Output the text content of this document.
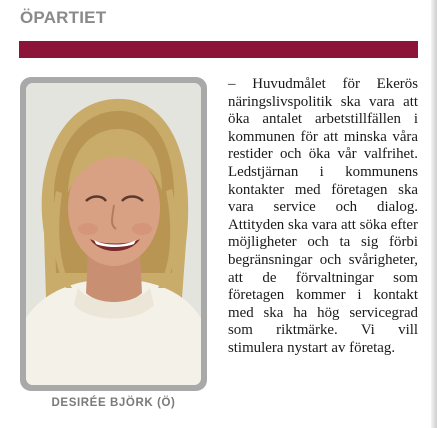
ÖPARTIET
DESIRÉE BJÖRK (Ö)

– Huvudmålet för Ekerös näringslivspolitik ska vara att öka antalet arbetstillfällen i kommunen för att minska våra restider och öka vår valfrihet. Ledstjärnan i kommunens kontakter med företagen ska vara service och dialog. Attityden ska vara att söka efter möjligheter och ta sig förbi begränsningar och svårigheter, att de förvaltningar som företagen kommer i kontakt med ska ha hög servicegrad som riktmärke. Vi vill stimulera nystart av företag.
